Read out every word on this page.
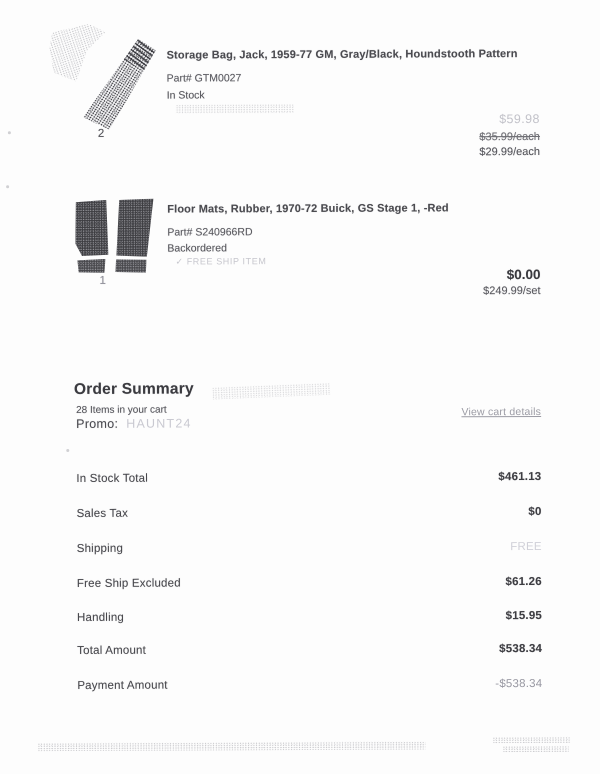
Storage Bag, Jack, 1959-77 GM, Gray/Black, Houndstooth Pattern
Part# GTM0027
In Stock
2
$59.98
$35.99/each
$29.99/each
Floor Mats, Rubber, 1970-72 Buick, GS Stage 1, -Red
Part# S240966RD
Backordered
✓ FREE SHIP ITEM
1	$0.00
$249.99/set
Order Summary
28 Items in your cart
Promo: HAUNT24
View cart details
In Stock Total	$461.13
Sales Tax	$0
Shipping	FREE
Free Ship Excluded	$61.26
Handling	$15.95
Total Amount	$538.34
Payment Amount	-$538.34
